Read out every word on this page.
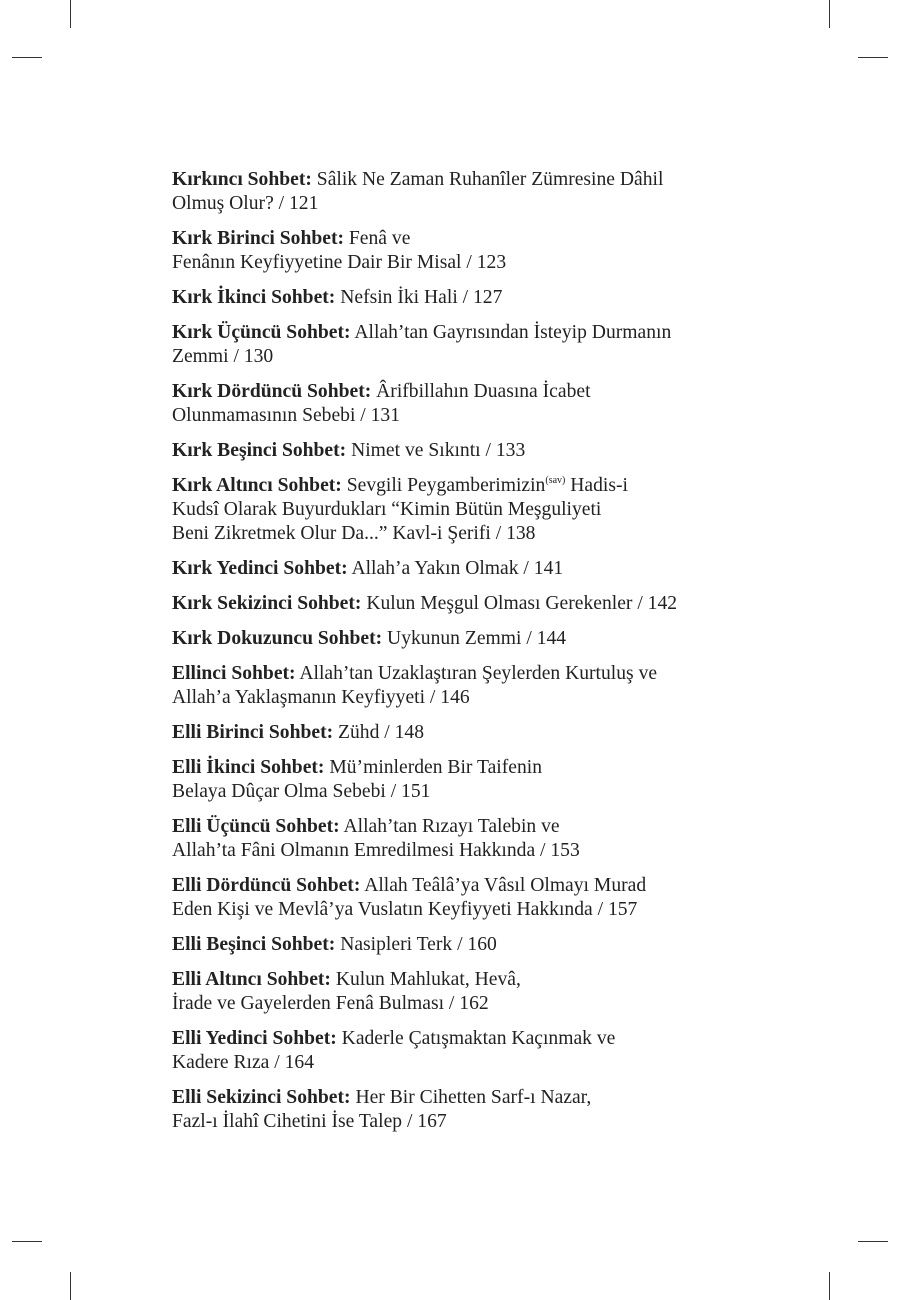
Kırkıncı Sohbet: Sâlik Ne Zaman Ruhanîler Zümresine Dâhil
Olmuş Olur? / 121
Kırk Birinci Sohbet: Fenâ ve
Fenânın Keyfiyyetine Dair Bir Misal / 123
Kırk İkinci Sohbet: Nefsin İki Hali / 127
Kırk Üçüncü Sohbet: Allah’tan Gayrısından İsteyip Durmanın
Zemmi / 130
Kırk Dördüncü Sohbet: Ârifbillahın Duasına İcabet
Olunmamasının Sebebi / 131
Kırk Beşinci Sohbet: Nimet ve Sıkıntı / 133
Kırk Altıncı Sohbet: Sevgili Peygamberimizin$^{(sav)}$ Hadis-i
Kudsî Olarak Buyurdukları “Kimin Bütün Meşguliyeti
Beni Zikretmek Olur Da...” Kavl-i Şerifi / 138
Kırk Yedinci Sohbet: Allah’a Yakın Olmak / 141
Kırk Sekizinci Sohbet: Kulun Meşgul Olması Gerekenler / 142
Kırk Dokuzuncu Sohbet: Uykunun Zemmi / 144
Ellinci Sohbet: Allah’tan Uzaklaştıran Şeylerden Kurtuluş ve
Allah’a Yaklaşmanın Keyfiyyeti / 146
Elli Birinci Sohbet: Zühd / 148
Elli İkinci Sohbet: Mü’minlerden Bir Taifenin
Belaya Dûçar Olma Sebebi / 151
Elli Üçüncü Sohbet: Allah’tan Rızayı Talebin ve
Allah’ta Fâni Olmanın Emredilmesi Hakkında / 153
Elli Dördüncü Sohbet: Allah Teâlâ’ya Vâsıl Olmayı Murad
Eden Kişi ve Mevlâ’ya Vuslatın Keyfiyyeti Hakkında / 157
Elli Beşinci Sohbet: Nasipleri Terk / 160
Elli Altıncı Sohbet: Kulun Mahlukat, Hevâ,
İrade ve Gayelerden Fenâ Bulması / 162
Elli Yedinci Sohbet: Kaderle Çatışmaktan Kaçınmak ve
Kadere Rıza / 164
Elli Sekizinci Sohbet: Her Bir Cihetten Sarf-ı Nazar,
Fazl-ı İlahî Cihetini İse Talep / 167
